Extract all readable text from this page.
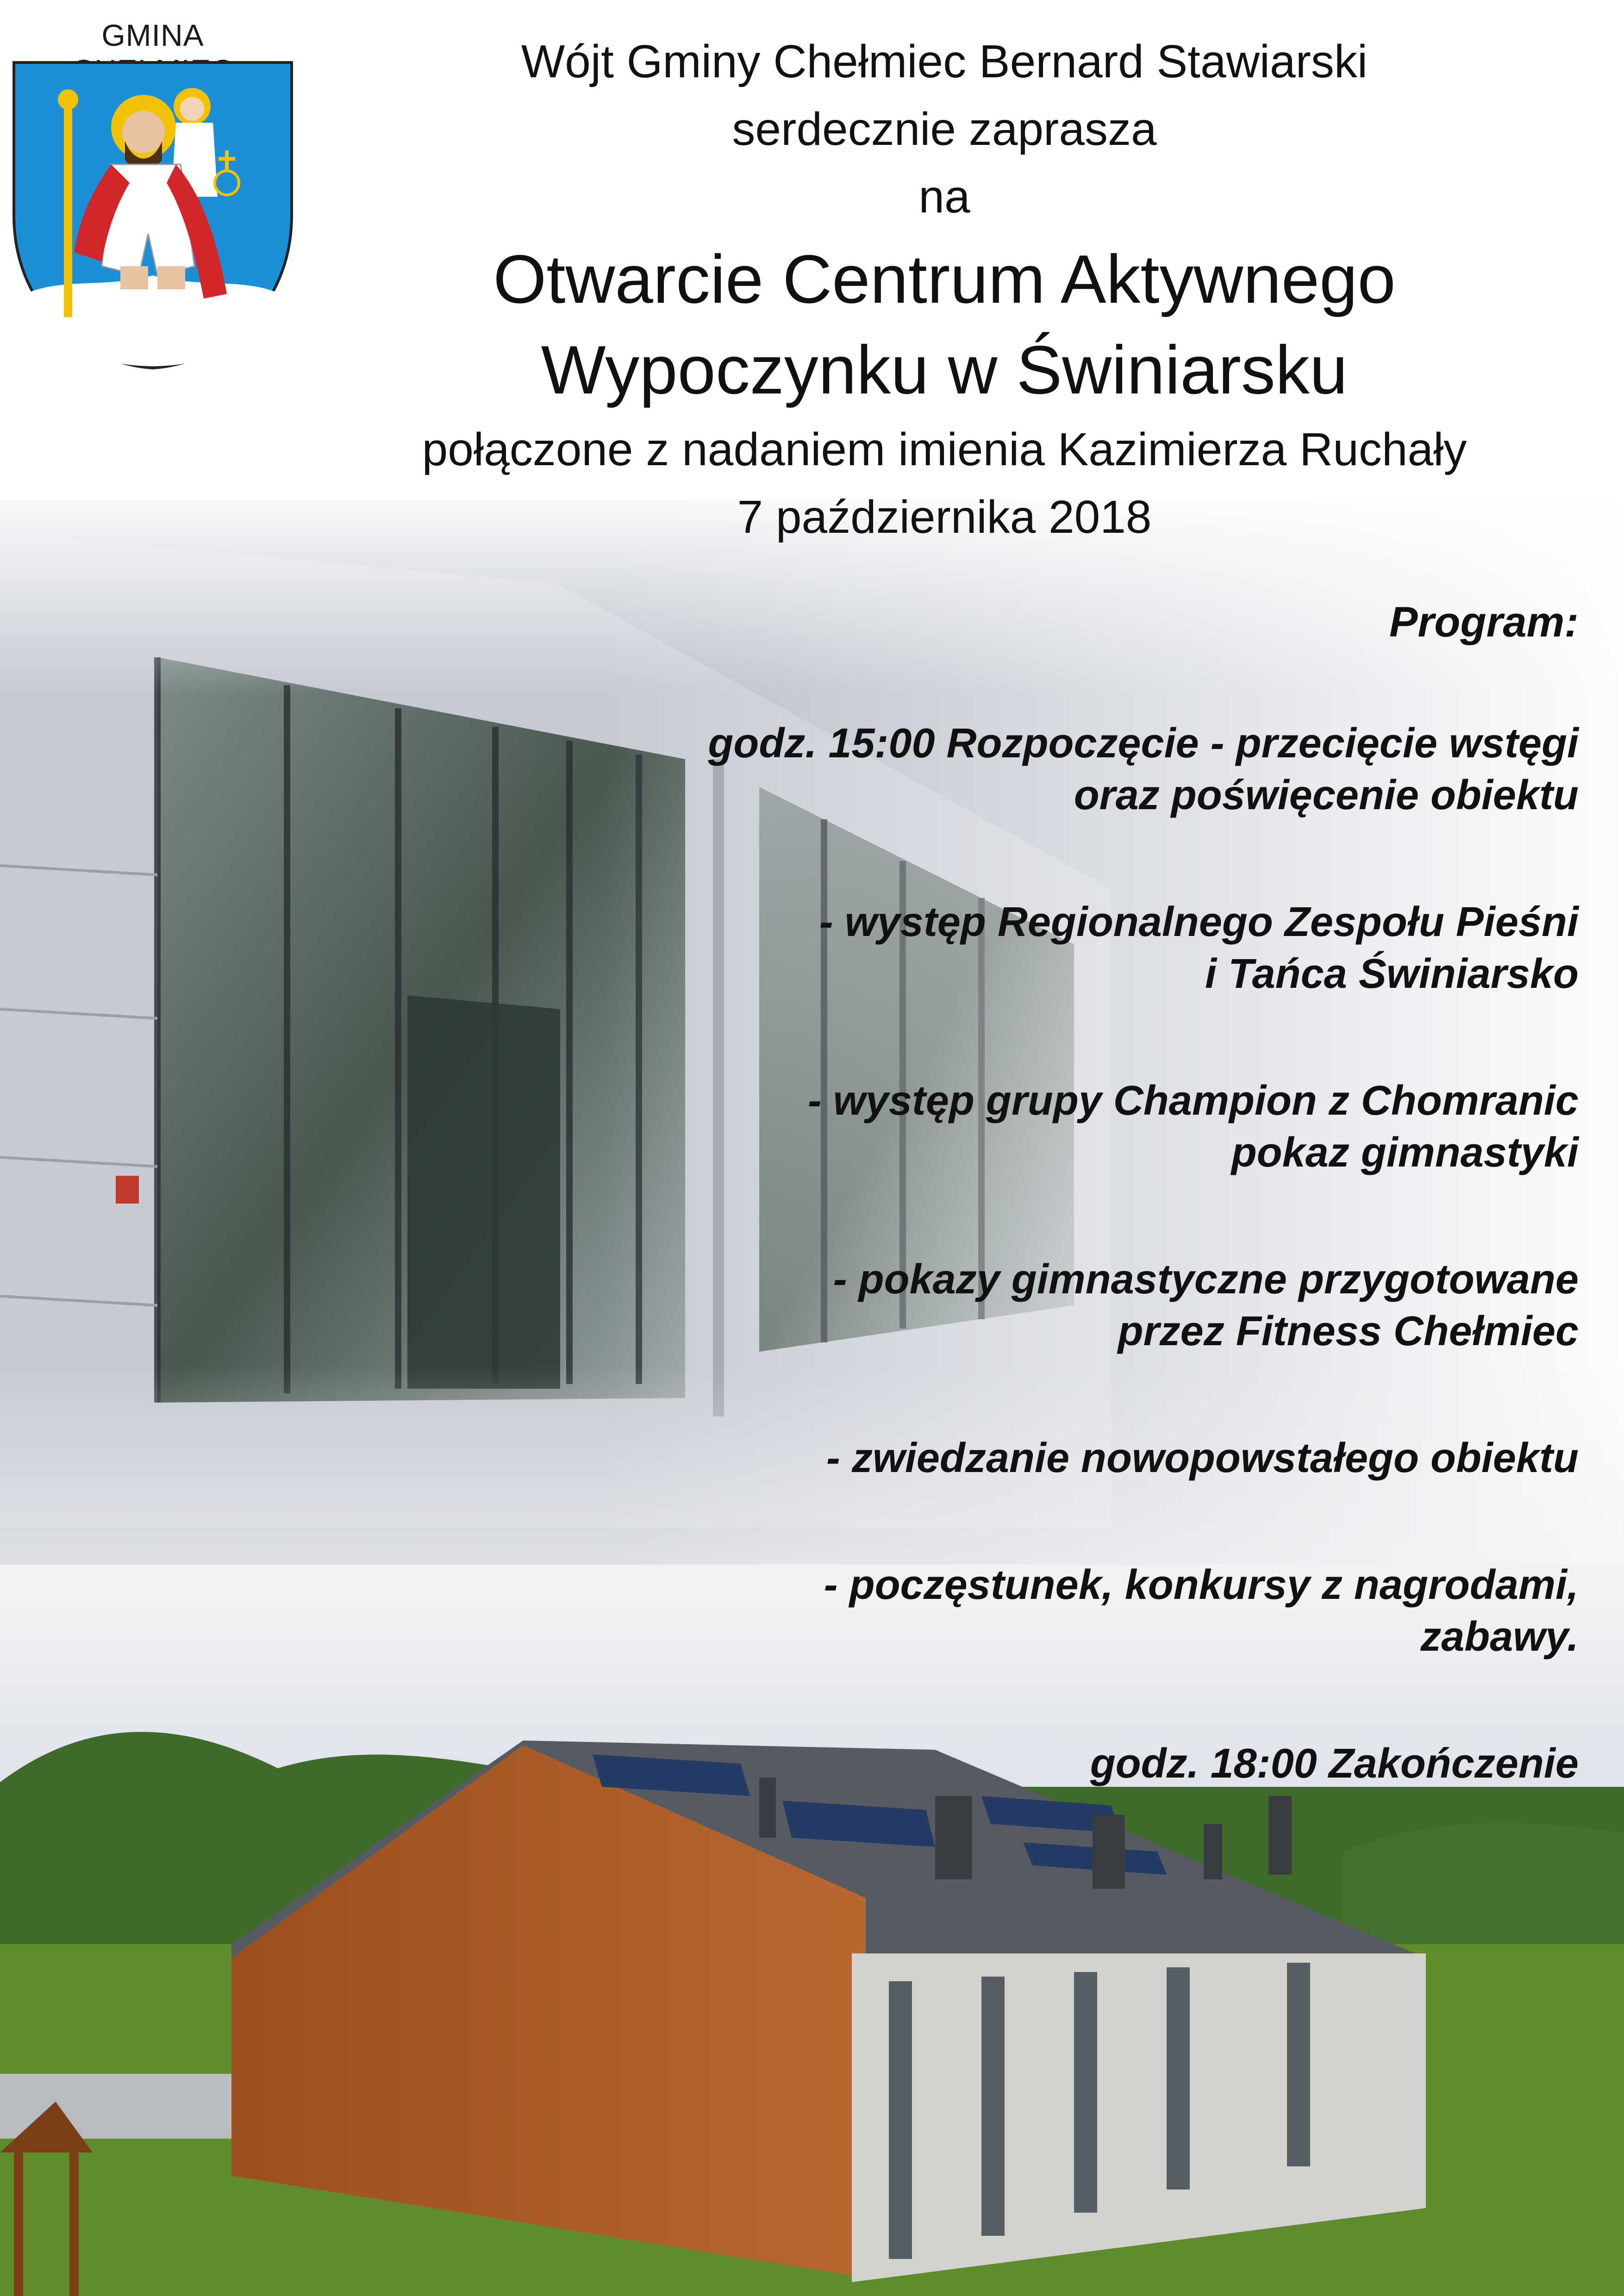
GMINA
Wójt Gminy Chełmiec Bernard Stawiarski
serdecznie zaprasza
na
Otwarcie Centrum Aktywnego
Wypoczynku w Świniarsku
połączone z nadaniem imienia Kazimierza Ruchały
7 października 2018
Program:
godz. 15:00 Rozpoczęcie - przecięcie wstęgi
oraz poświęcenie obiektu
- występ Regionalnego Zespołu Pieśni
i Tańca Świniarsko
- występ grupy Champion z Chomranic
pokaz gimnastyki
- pokazy gimnastyczne przygotowane
przez Fitness Chełmiec
- zwiedzanie nowopowstałego obiektu
- poczęstunek, konkursy z nagrodami,
zabawy.
godz. 18:00 Zakończenie
